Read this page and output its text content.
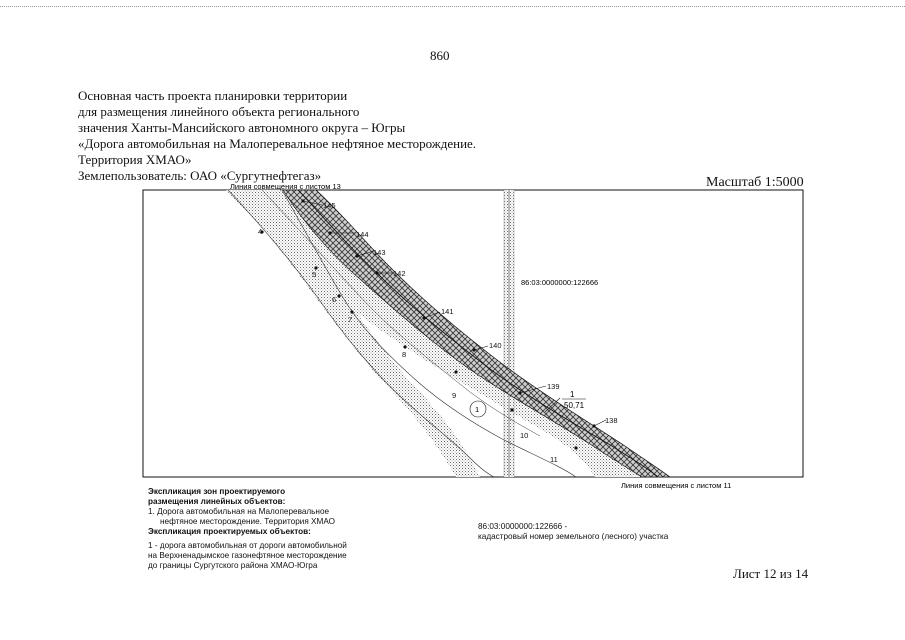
860
Основная часть проекта планировки территории
для размещения линейного объекта регионального
значения Ханты-Мансийского автономного округа – Югры
«Дорога автомобильная на Малоперевальное нефтяное месторождение.
Территория ХМАО»
Землепользователь: ОАО «Сургутнефтегаз»	Масштаб 1:5000
Линия совмещения с листом 13
Линия совмещения с листом 11
86:03:0000000:122666
145
144
143
142
141
140
139
138
4
5
6
7
8
9
10
11
1
1
50,71
Экспликация зон проектируемого
размещения линейных объектов:
1. Дорога автомобильная на Малоперевальное
нефтяное месторождение. Территория ХМАО
Экспликация проектируемых объектов:
1 - дорога автомобильная от дороги автомобильной
на Верхненадымское газонефтяное месторождение
до границы Сургутского района ХМАО-Югра
86:03:0000000:122666 -
кадастровый номер земельного (лесного) участка
Лист 12 из 14
